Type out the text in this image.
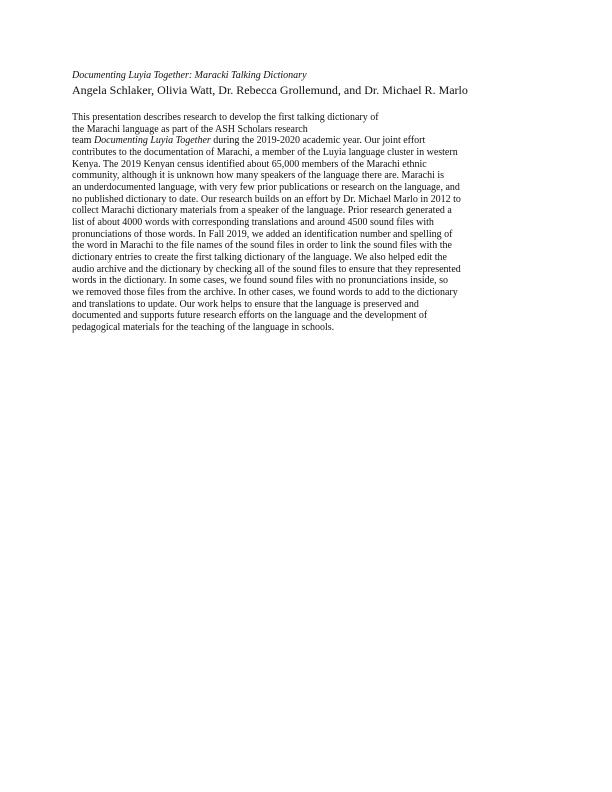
Documenting Luyia Together: Maracki Talking Dictionary
Angela Schlaker, Olivia Watt, Dr. Rebecca Grollemund, and Dr. Michael R. Marlo
This presentation describes research to develop the first talking dictionary of
the Marachi language as part of the ASH Scholars research
team Documenting Luyia Together during the 2019-2020 academic year. Our joint effort
contributes to the documentation of Marachi, a member of the Luyia language cluster in western
Kenya. The 2019 Kenyan census identified about 65,000 members of the Marachi ethnic
community, although it is unknown how many speakers of the language there are. Marachi is
an underdocumented language, with very few prior publications or research on the language, and
no published dictionary to date. Our research builds on an effort by Dr. Michael Marlo in 2012 to
collect Marachi dictionary materials from a speaker of the language. Prior research generated a
list of about 4000 words with corresponding translations and around 4500 sound files with
pronunciations of those words. In Fall 2019, we added an identification number and spelling of
the word in Marachi to the file names of the sound files in order to link the sound files with the
dictionary entries to create the first talking dictionary of the language. We also helped edit the
audio archive and the dictionary by checking all of the sound files to ensure that they represented
words in the dictionary. In some cases, we found sound files with no pronunciations inside, so
we removed those files from the archive. In other cases, we found words to add to the dictionary
and translations to update. Our work helps to ensure that the language is preserved and
documented and supports future research efforts on the language and the development of
pedagogical materials for the teaching of the language in schools.
